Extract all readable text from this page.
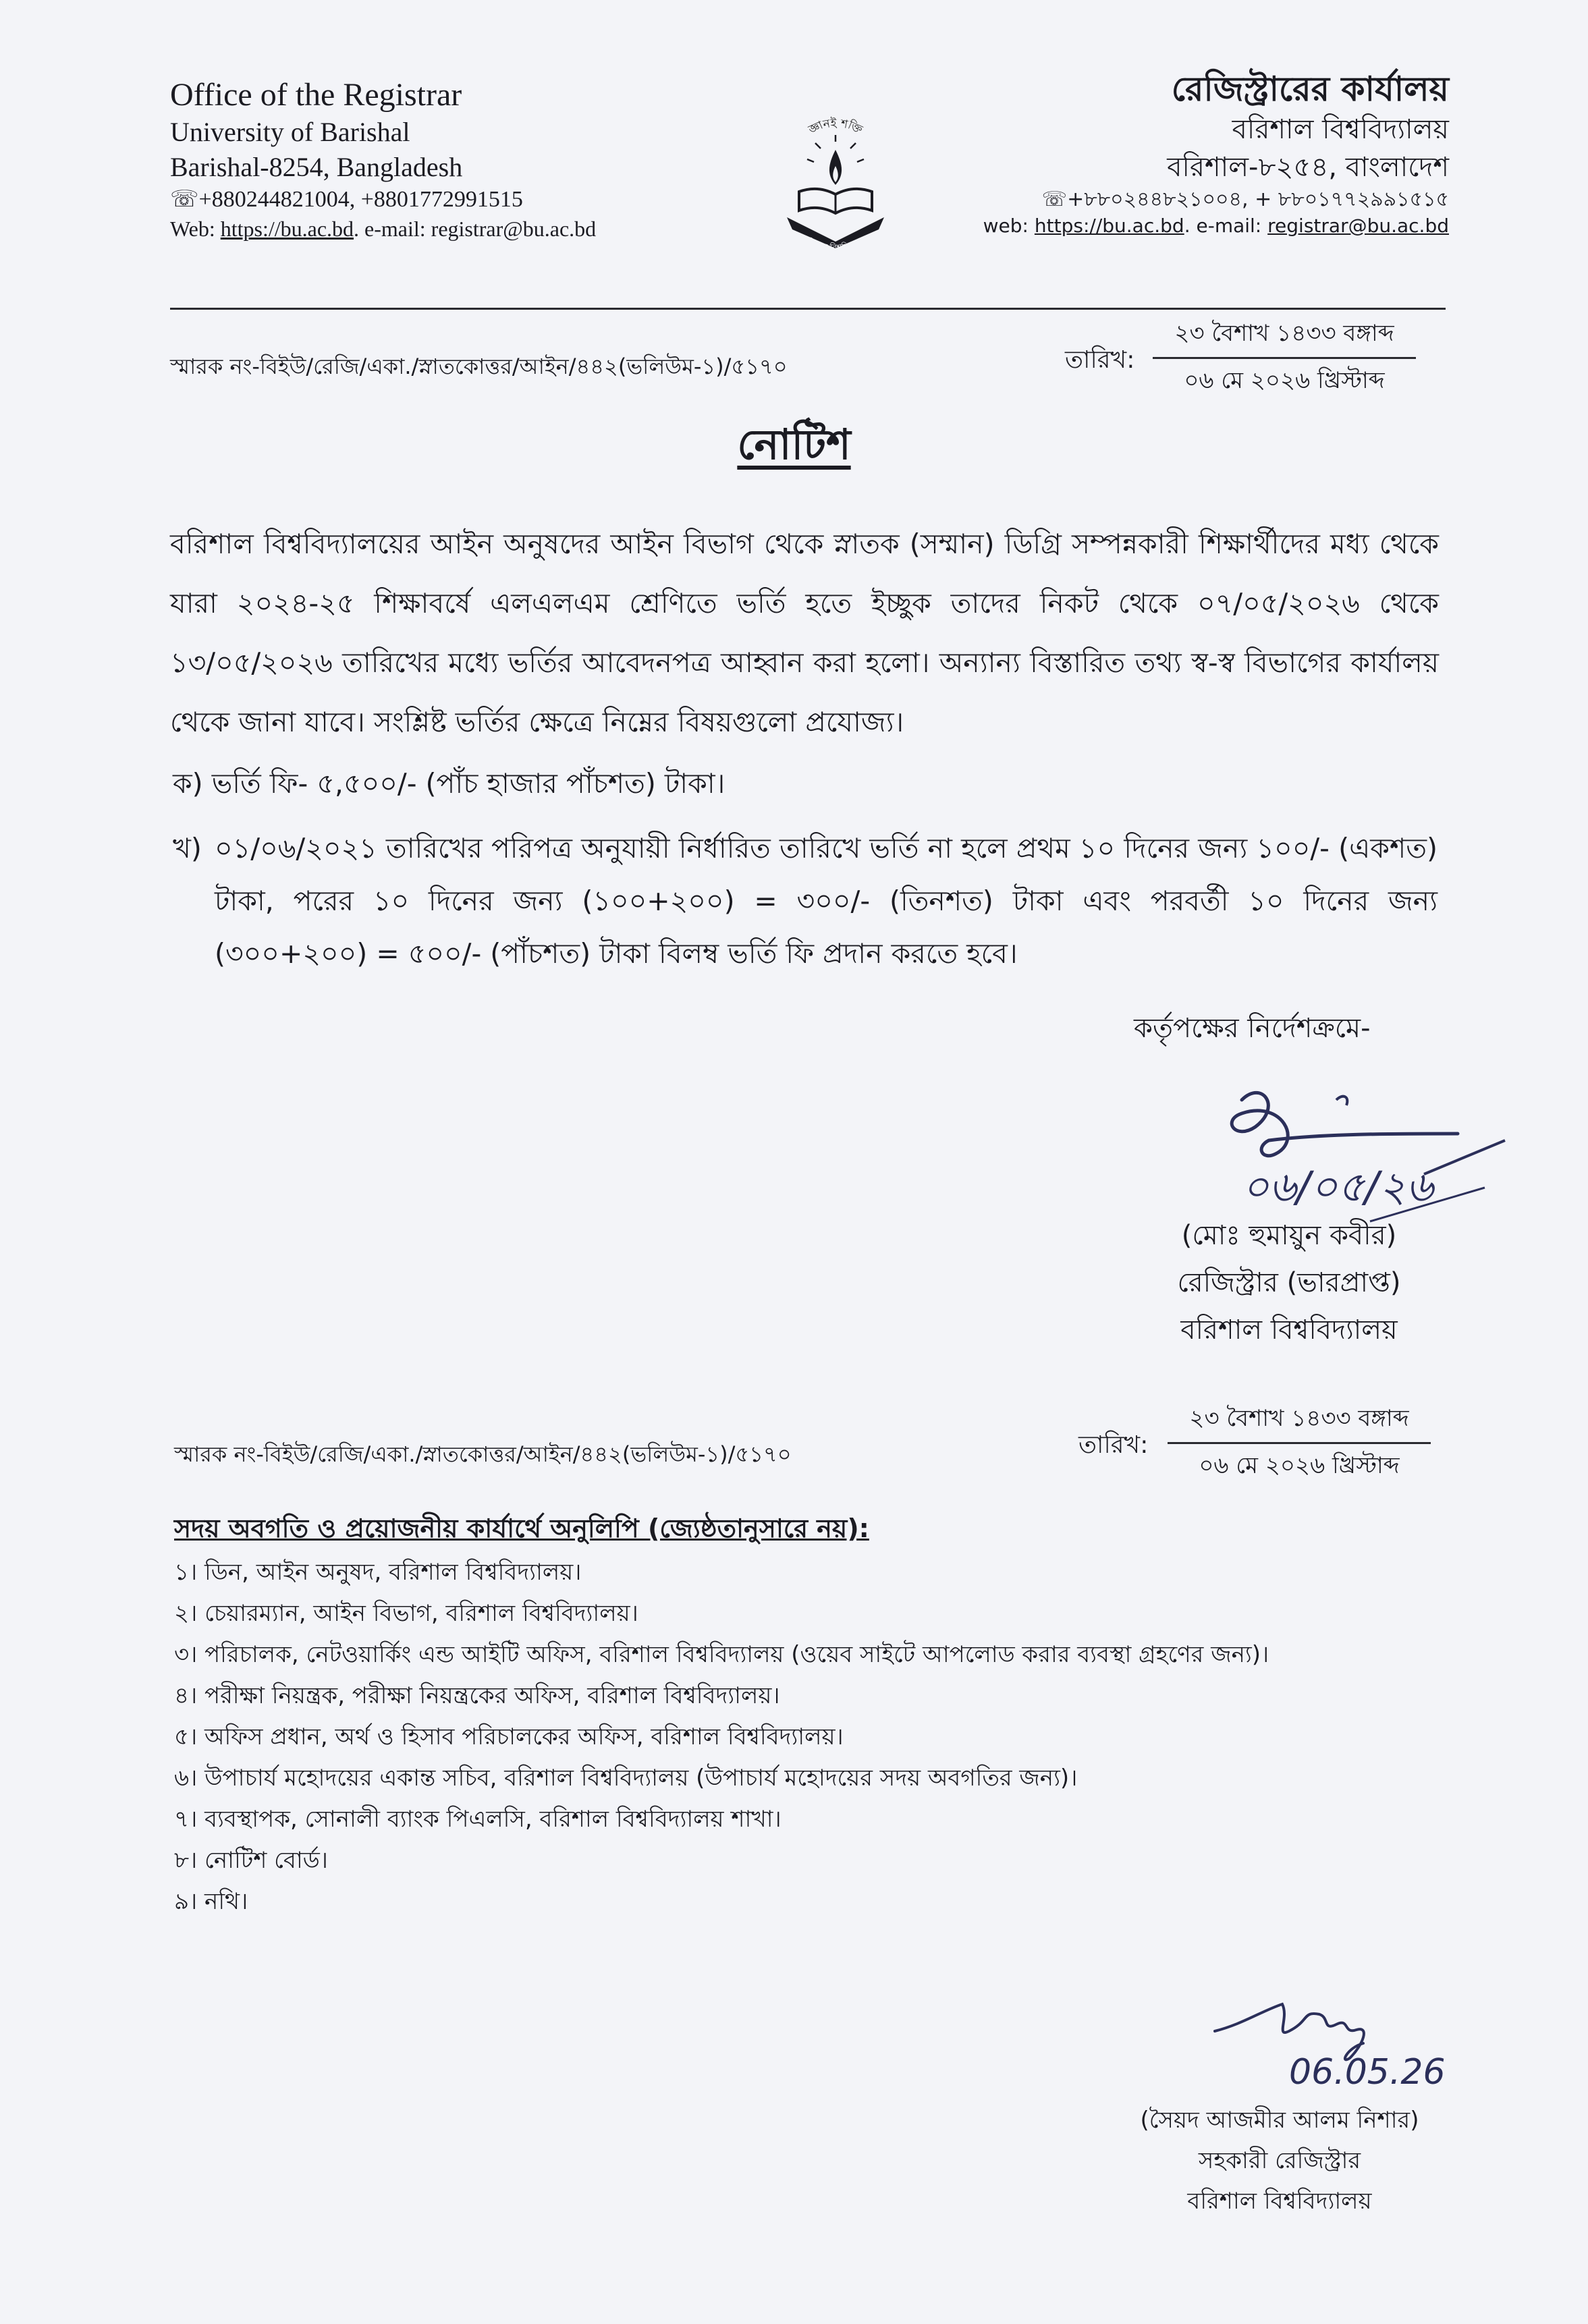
Office of the Registrar
University of Barishal
Barishal-8254, Bangladesh
☏+880244821004, +8801772991515
Web: https://bu.ac.bd. e-mail: registrar@bu.ac.bd
জ্ঞানই শক্তি
বরিশাল বিশ্ববিদ্যালয়
রেজিস্ট্রারের কার্যালয়
বরিশাল বিশ্ববিদ্যালয়
বরিশাল-৮২৫৪, বাংলাদেশ
☏+৮৮০২৪৪৮২১০০৪, + ৮৮০১৭৭২৯৯১৫১৫
web: https://bu.ac.bd. e-mail: registrar@bu.ac.bd
স্মারক নং-বিইউ/রেজি/একা./স্নাতকোত্তর/আইন/৪৪২(ভলিউম-১)/৫১৭০	তারিখ:
২৩ বৈশাখ ১৪৩৩ বঙ্গাব্দ
০৬ মে ২০২৬ খ্রিস্টাব্দ
নোটিশ
বরিশাল বিশ্ববিদ্যালয়ের আইন অনুষদের আইন বিভাগ থেকে স্নাতক (সম্মান) ডিগ্রি সম্পন্নকারী শিক্ষার্থীদের মধ্য থেকে যারা ২০২৪-২৫ শিক্ষাবর্ষে এলএলএম শ্রেণিতে ভর্তি হতে ইচ্ছুক তাদের নিকট থেকে ০৭/০৫/২০২৬ থেকে ১৩/০৫/২০২৬ তারিখের মধ্যে ভর্তির আবেদনপত্র আহ্বান করা হলো। অন্যান্য বিস্তারিত তথ্য স্ব-স্ব বিভাগের কার্যালয় থেকে জানা যাবে। সংশ্লিষ্ট ভর্তির ক্ষেত্রে নিম্নের বিষয়গুলো প্রযোজ্য।
ক) ভর্তি ফি- ৫,৫০০/- (পাঁচ হাজার পাঁচশত) টাকা।
খ) ০১/০৬/২০২১ তারিখের পরিপত্র অনুযায়ী নির্ধারিত তারিখে ভর্তি না হলে প্রথম ১০ দিনের জন্য ১০০/- (একশত) টাকা, পরের ১০ দিনের জন্য (১০০+২০০) = ৩০০/- (তিনশত) টাকা এবং পরবর্তী ১০ দিনের জন্য (৩০০+২০০) = ৫০০/- (পাঁচশত) টাকা বিলম্ব ভর্তি ফি প্রদান করতে হবে।
কর্তৃপক্ষের নির্দেশক্রমে-
০৬/০৫/২৬
(মোঃ হুমায়ুন কবীর)
রেজিস্ট্রার (ভারপ্রাপ্ত)
বরিশাল বিশ্ববিদ্যালয়
স্মারক নং-বিইউ/রেজি/একা./স্নাতকোত্তর/আইন/৪৪২(ভলিউম-১)/৫১৭০	তারিখ:
২৩ বৈশাখ ১৪৩৩ বঙ্গাব্দ
০৬ মে ২০২৬ খ্রিস্টাব্দ
সদয় অবগতি ও প্রয়োজনীয় কার্যার্থে অনুলিপি (জ্যেষ্ঠতানুসারে নয়):
১। ডিন, আইন অনুষদ, বরিশাল বিশ্ববিদ্যালয়।
২। চেয়ারম্যান, আইন বিভাগ, বরিশাল বিশ্ববিদ্যালয়।
৩। পরিচালক, নেটওয়ার্কিং এন্ড আইটি অফিস, বরিশাল বিশ্ববিদ্যালয় (ওয়েব সাইটে আপলোড করার ব্যবস্থা গ্রহণের জন্য)।
৪। পরীক্ষা নিয়ন্ত্রক, পরীক্ষা নিয়ন্ত্রকের অফিস, বরিশাল বিশ্ববিদ্যালয়।
৫। অফিস প্রধান, অর্থ ও হিসাব পরিচালকের অফিস, বরিশাল বিশ্ববিদ্যালয়।
৬। উপাচার্য মহোদয়ের একান্ত সচিব, বরিশাল বিশ্ববিদ্যালয় (উপাচার্য মহোদয়ের সদয় অবগতির জন্য)।
৭। ব্যবস্থাপক, সোনালী ব্যাংক পিএলসি, বরিশাল বিশ্ববিদ্যালয় শাখা।
৮। নোটিশ বোর্ড।
৯। নথি।
06.05.26
(সৈয়দ আজমীর আলম নিশার)
সহকারী রেজিস্ট্রার
বরিশাল বিশ্ববিদ্যালয়
